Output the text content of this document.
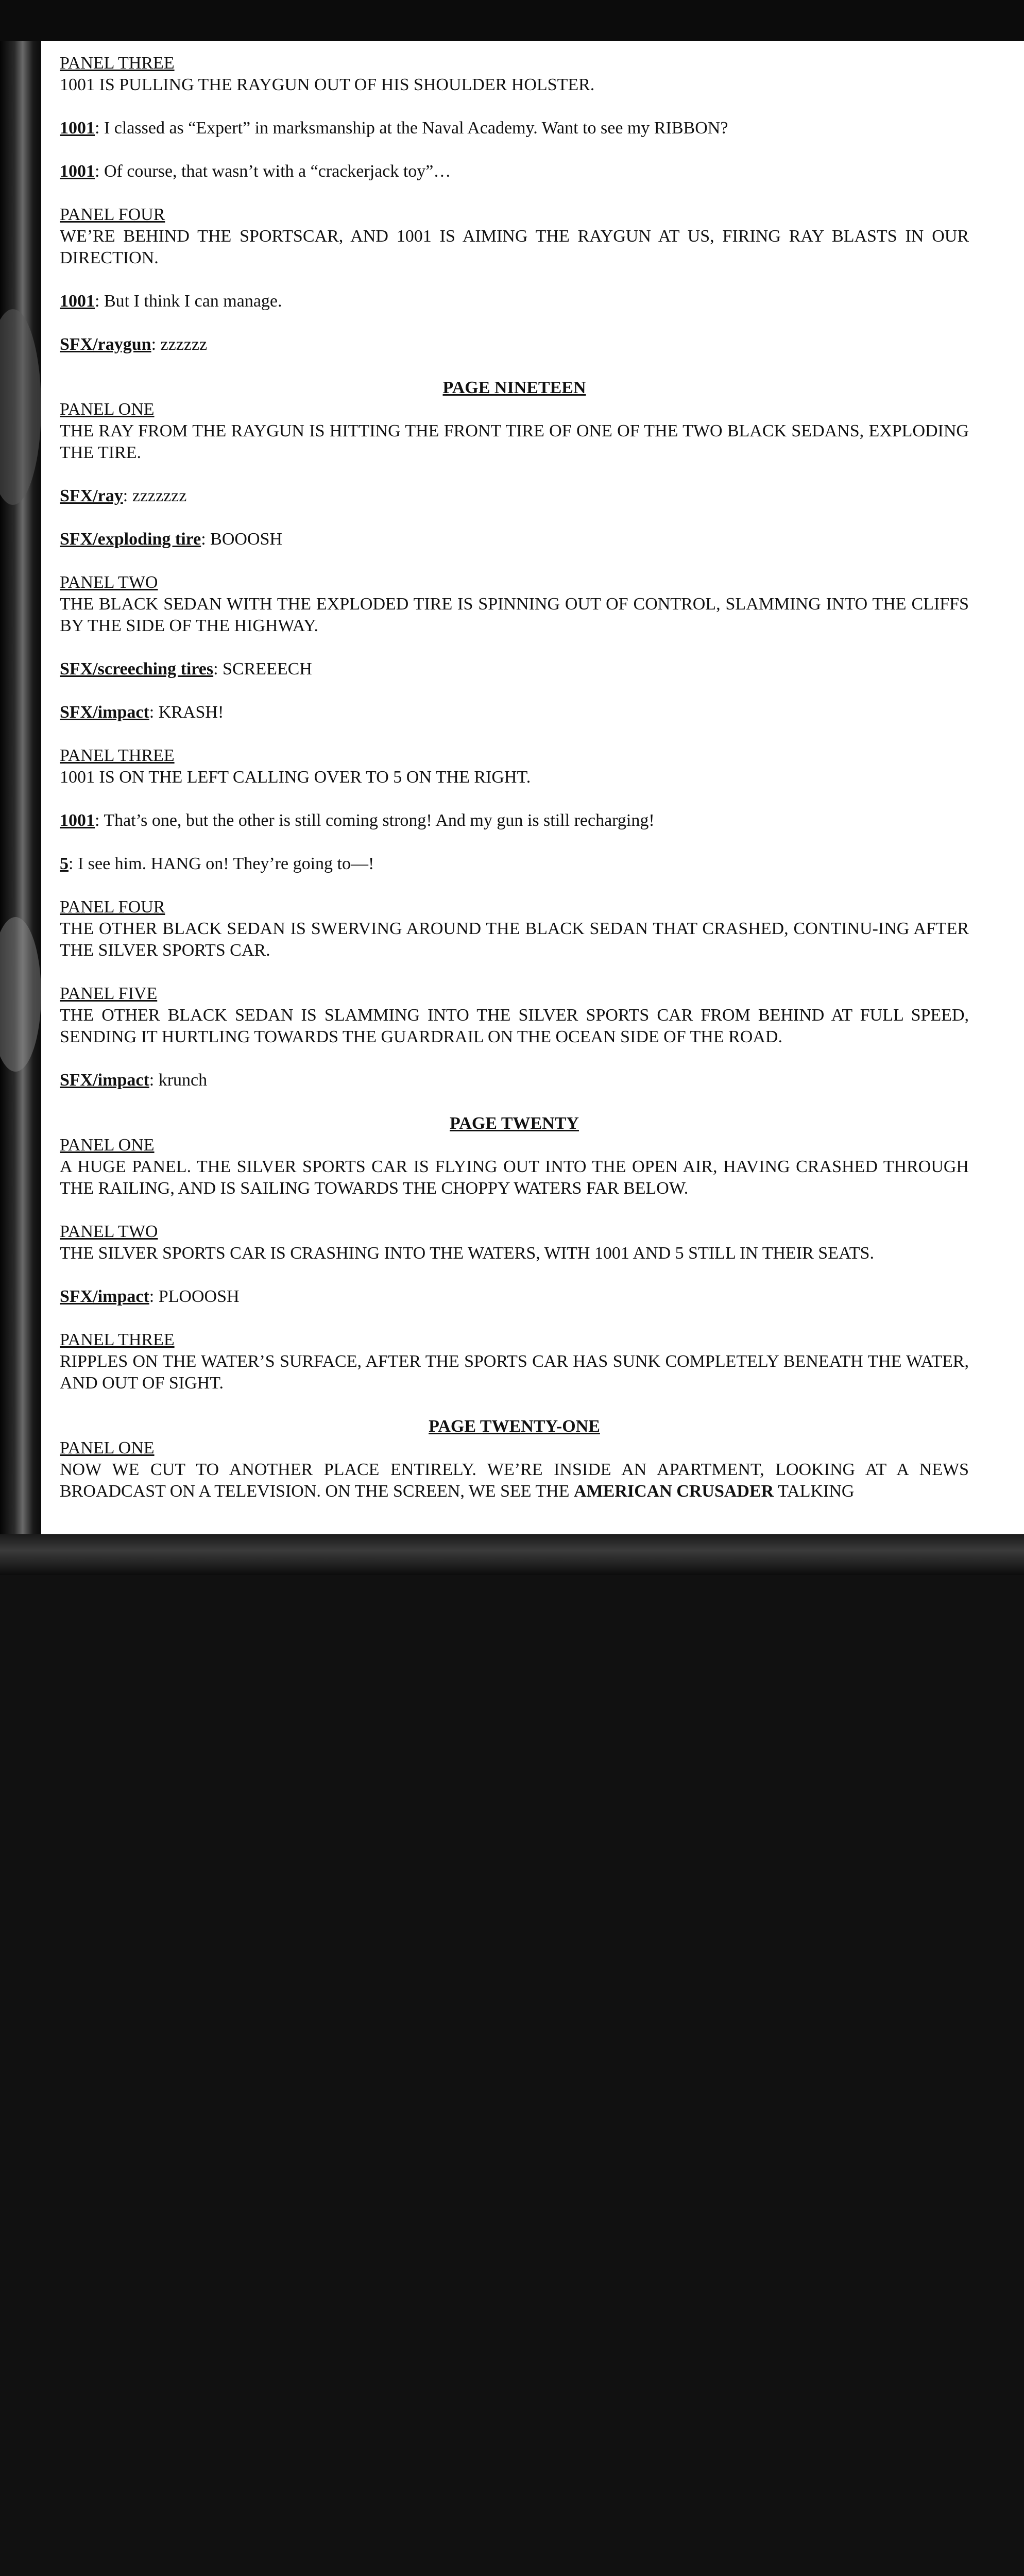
PANEL THREE

1001 IS PULLING THE RAYGUN OUT OF HIS SHOULDER HOLSTER.

1001: I classed as “Expert” in marksmanship at the Naval Academy. Want to see my RIBBON?

1001: Of course, that wasn’t with a “crackerjack toy”…

PANEL FOUR

WE’RE BEHIND THE SPORTSCAR, AND 1001 IS AIMING THE RAYGUN AT US, FIRING RAY BLASTS IN OUR DIRECTION.

1001: But I think I can manage.

SFX/raygun: zzzzzz

PAGE NINETEEN

PANEL ONE

THE RAY FROM THE RAYGUN IS HITTING THE FRONT TIRE OF ONE OF THE TWO BLACK SEDANS, EXPLODING THE TIRE.

SFX/ray: zzzzzzz

SFX/exploding tire: BOOOSH

PANEL TWO

THE BLACK SEDAN WITH THE EXPLODED TIRE IS SPINNING OUT OF CONTROL, SLAMMING INTO THE CLIFFS BY THE SIDE OF THE HIGHWAY.

SFX/screeching tires: SCREEECH

SFX/impact: KRASH!

PANEL THREE

1001 IS ON THE LEFT CALLING OVER TO 5 ON THE RIGHT.

1001: That’s one, but the other is still coming strong! And my gun is still recharging!

5: I see him. HANG on! They’re going to—!

PANEL FOUR

THE OTHER BLACK SEDAN IS SWERVING AROUND THE BLACK SEDAN THAT CRASHED, CONTINU-ING AFTER THE SILVER SPORTS CAR.

PANEL FIVE

THE OTHER BLACK SEDAN IS SLAMMING INTO THE SILVER SPORTS CAR FROM BEHIND AT FULL SPEED, SENDING IT HURTLING TOWARDS THE GUARDRAIL ON THE OCEAN SIDE OF THE ROAD.

SFX/impact: krunch

PAGE TWENTY

PANEL ONE

A HUGE PANEL. THE SILVER SPORTS CAR IS FLYING OUT INTO THE OPEN AIR, HAVING CRASHED THROUGH THE RAILING, AND IS SAILING TOWARDS THE CHOPPY WATERS FAR BELOW.

PANEL TWO

THE SILVER SPORTS CAR IS CRASHING INTO THE WATERS, WITH 1001 AND 5 STILL IN THEIR SEATS.

SFX/impact: PLOOOSH

PANEL THREE

RIPPLES ON THE WATER’S SURFACE, AFTER THE SPORTS CAR HAS SUNK COMPLETELY BENEATH THE WATER, AND OUT OF SIGHT.

PAGE TWENTY-ONE

PANEL ONE

NOW WE CUT TO ANOTHER PLACE ENTIRELY. WE’RE INSIDE AN APARTMENT, LOOKING AT A NEWS BROADCAST ON A TELEVISION. ON THE SCREEN, WE SEE THE AMERICAN CRUSADER TALKING
